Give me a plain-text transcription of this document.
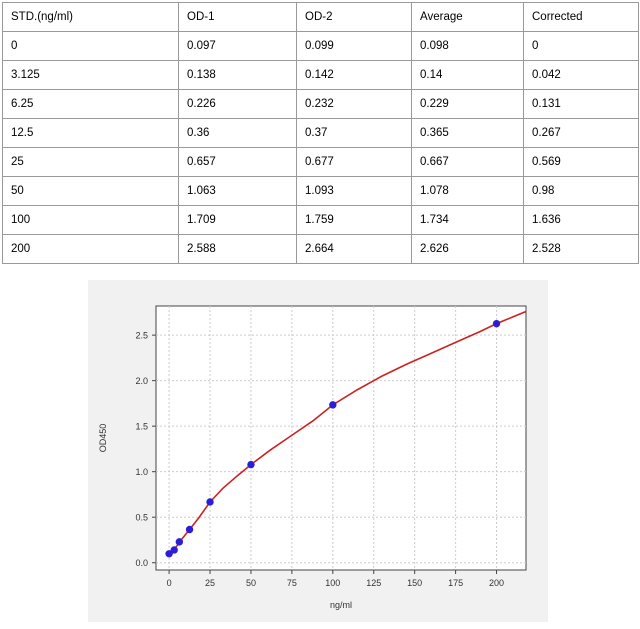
STD.(ng/ml)	OD-1	OD-2	Average	Corrected
0	0.097	0.099	0.098	0
3.125	0.138	0.142	0.14	0.042
6.25	0.226	0.232	0.229	0.131
12.5	0.36	0.37	0.365	0.267
25	0.657	0.677	0.667	0.569
50	1.063	1.093	1.078	0.98
100	1.709	1.759	1.734	1.636
200	2.588	2.664	2.626	2.528
0	25	50	75	100	125	150	175	200
0.0
0.5
1.0
1.5
2.0
2.5
ng/ml
OD450
